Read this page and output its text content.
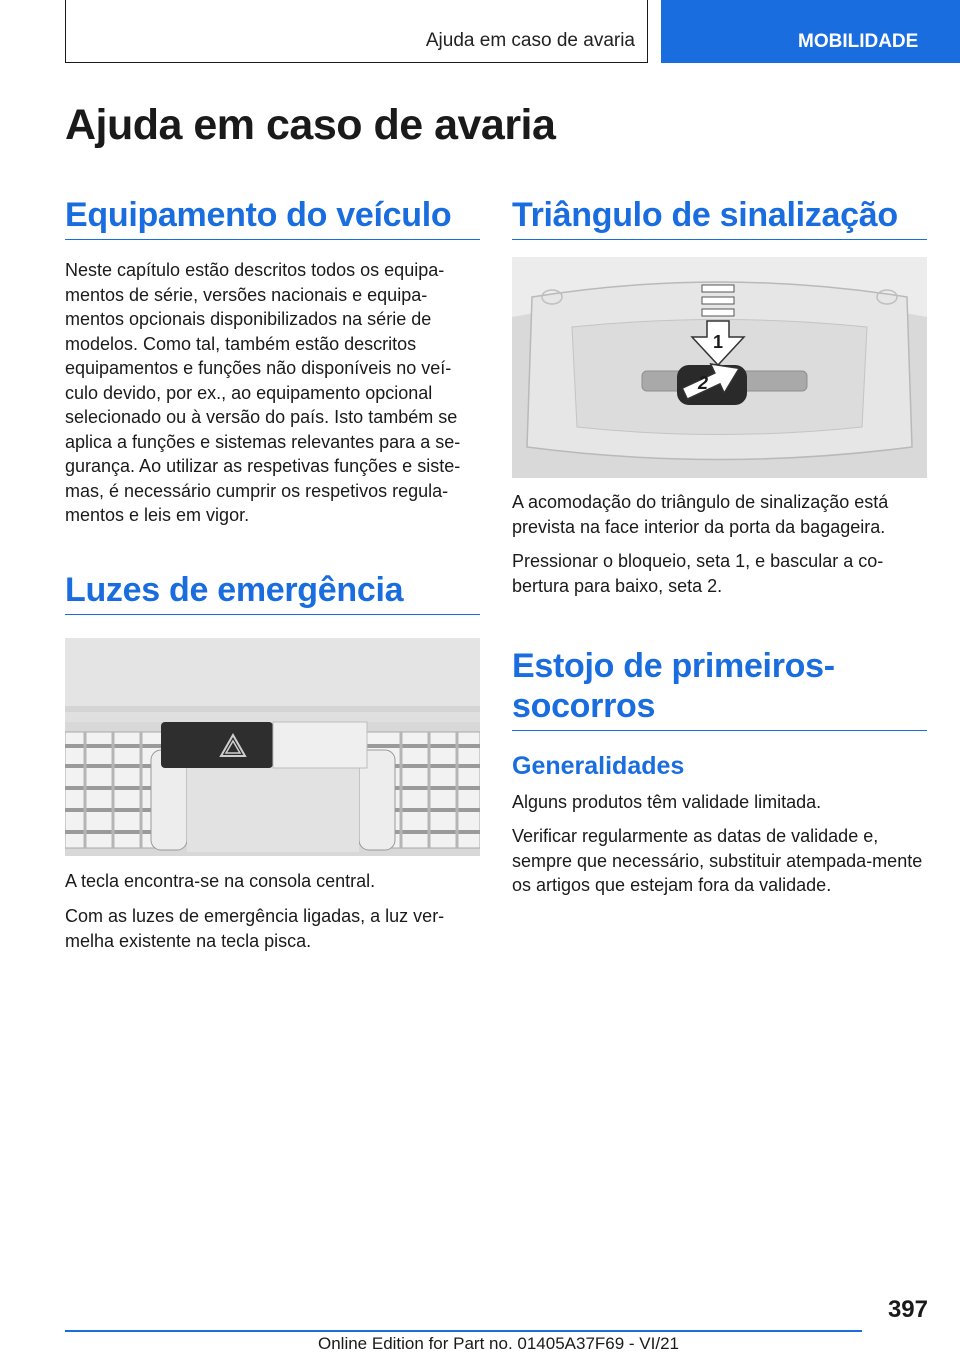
Ajuda em caso de avaria	MOBILIDADE
Ajuda em caso de avaria
Equipamento do veículo

Neste capítulo estão descritos todos os equipa-mentos de série, versões nacionais e equipa-mentos opcionais disponibilizados na série de modelos. Como tal, também estão descritos equipamentos e funções não disponíveis no veí-culo devido, por ex., ao equipamento opcional selecionado ou à versão do país. Isto também se aplica a funções e sistemas relevantes para a se-gurança. Ao utilizar as respetivas funções e siste-mas, é necessário cumprir os respetivos regula-mentos e leis em vigor.

Luzes de emergência

A tecla encontra-se na consola central.

Com as luzes de emergência ligadas, a luz ver-melha existente na tecla pisca.

Triângulo de sinalização
1
2

A acomodação do triângulo de sinalização está prevista na face interior da porta da bagageira.

Pressionar o bloqueio, seta 1, e bascular a co-bertura para baixo, seta 2.

Estojo de primeiros-socorros
Generalidades

Alguns produtos têm validade limitada.

Verificar regularmente as datas de validade e, sempre que necessário, substituir atempada-mente os artigos que estejam fora da validade.

397
Online Edition for Part no. 01405A37F69 - VI/21
